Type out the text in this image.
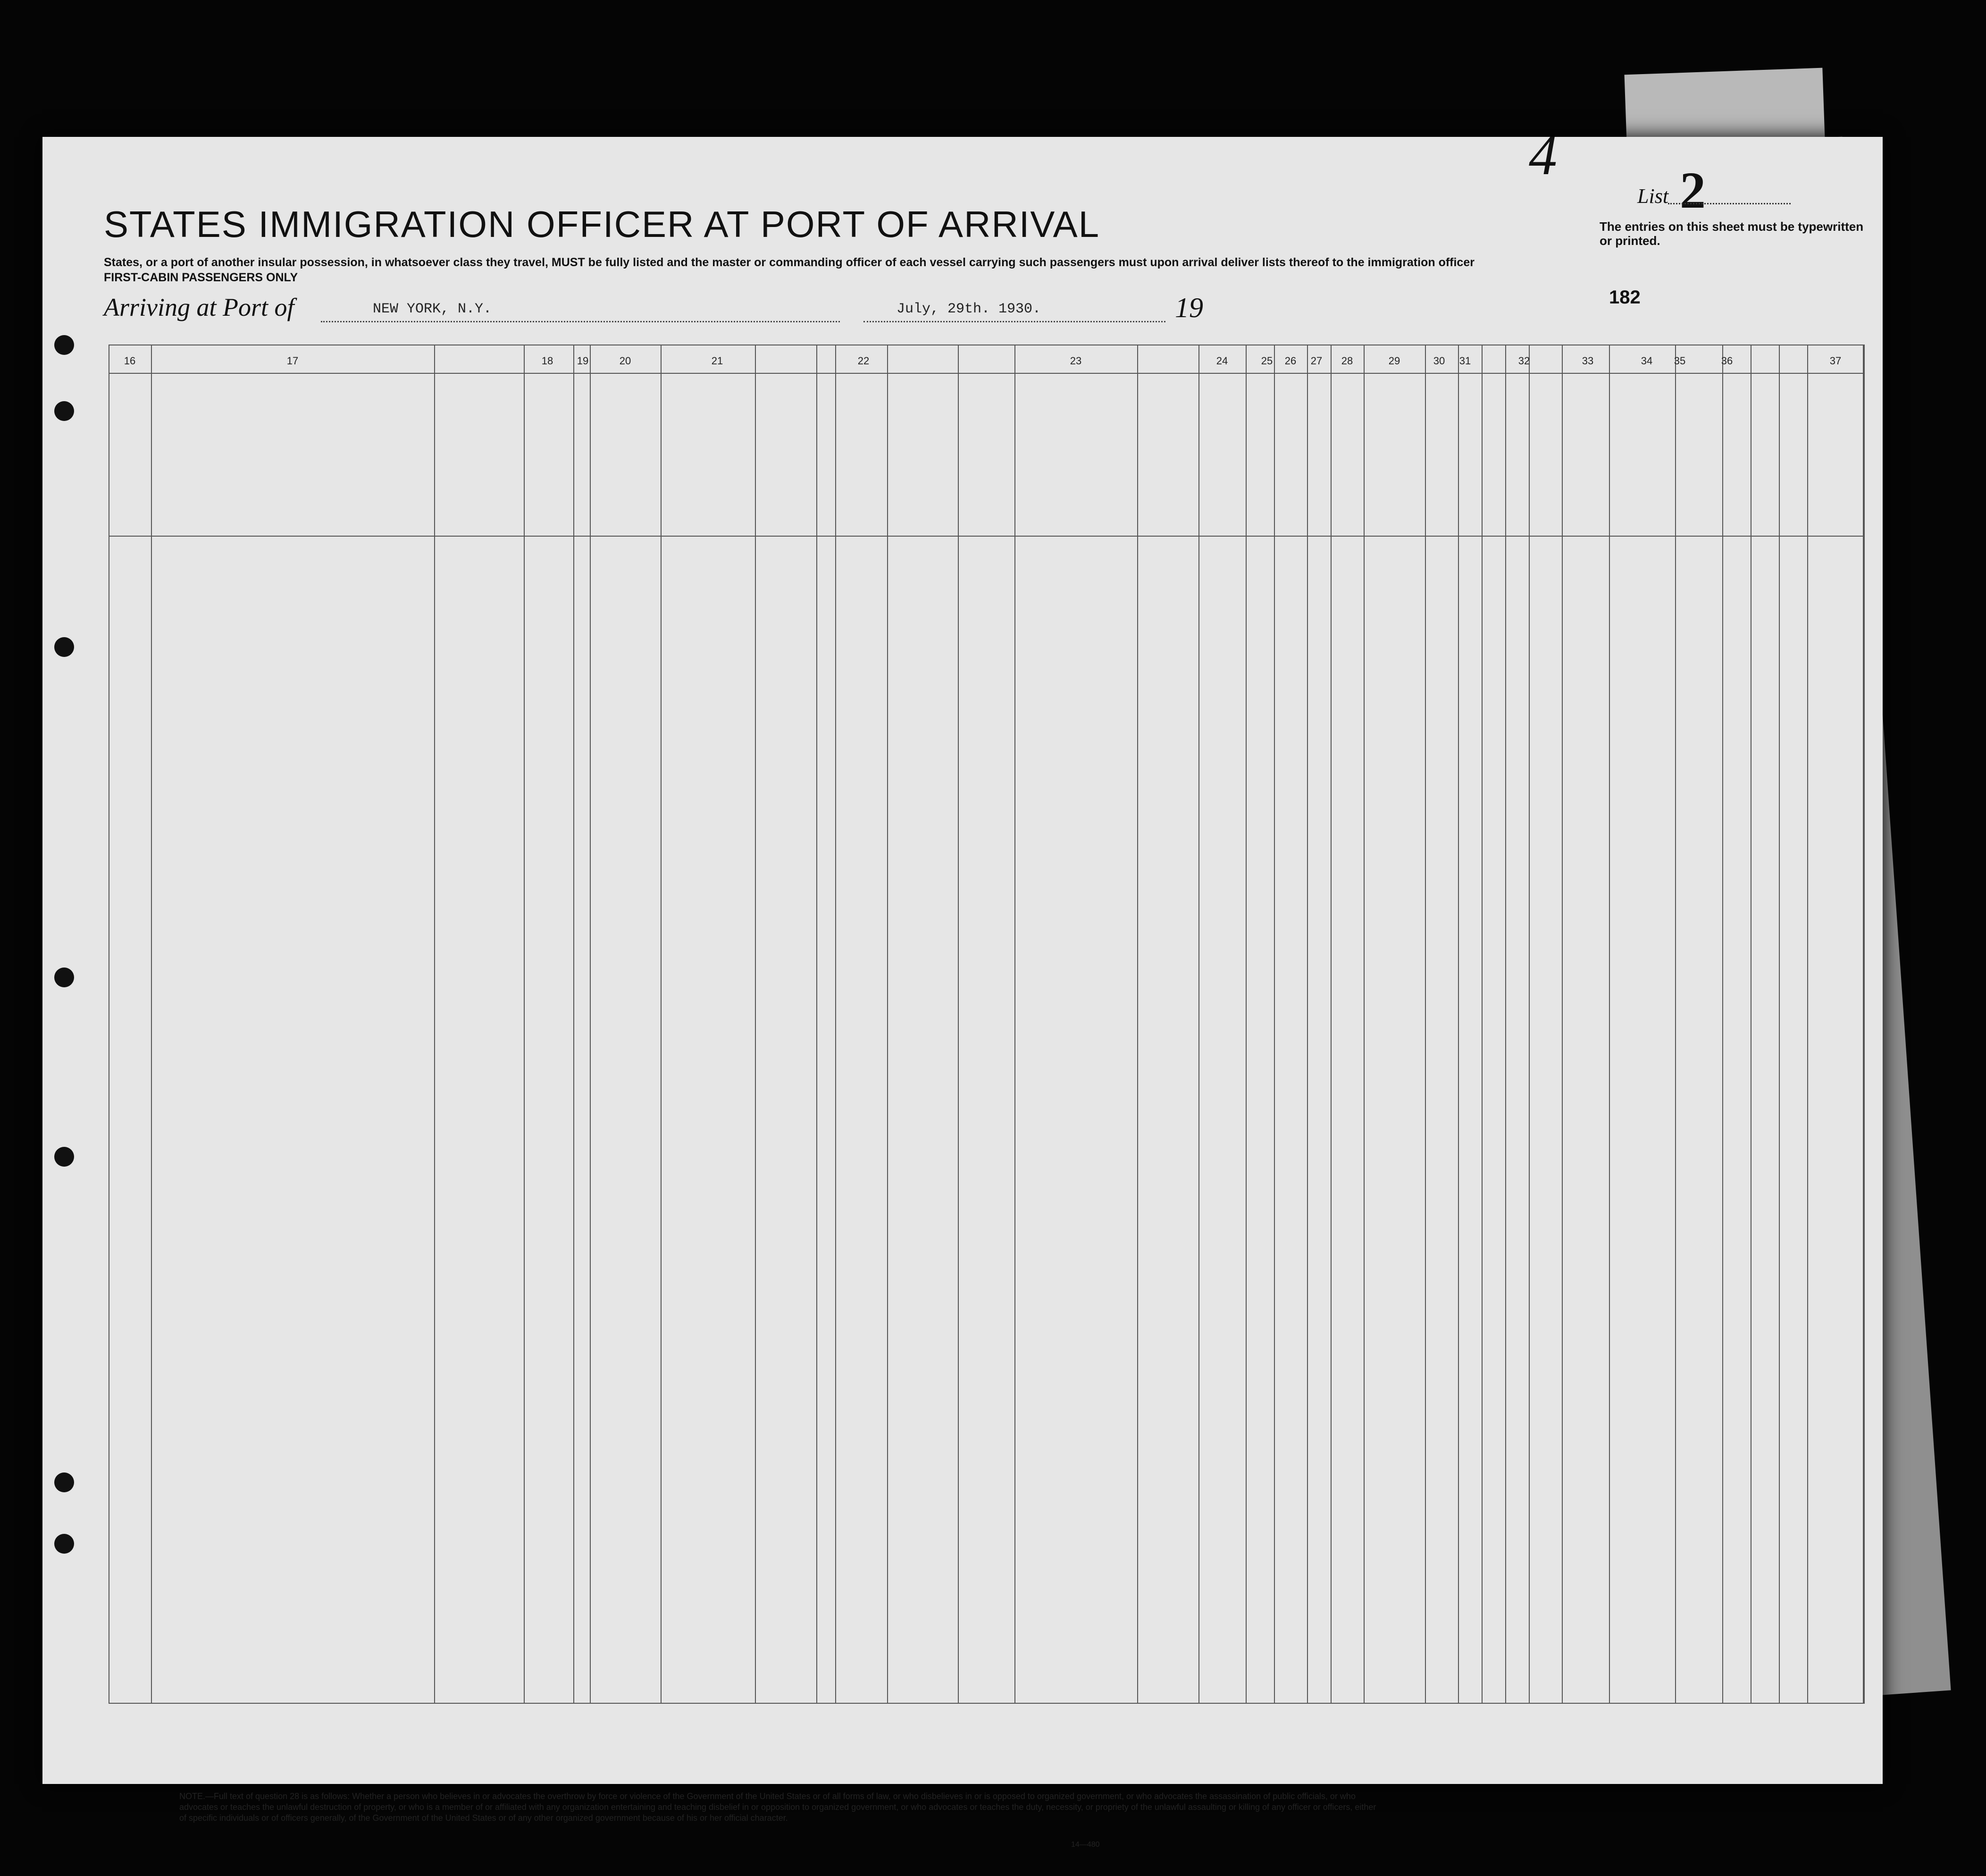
4
List 2
The entries on this sheet must be typewritten or printed.
STATES IMMIGRATION OFFICER AT PORT OF ARRIVAL
States, or a port of another insular possession, in whatsoever class they travel, MUST be fully listed and the master or commanding officer of each vessel carrying such passengers must upon arrival deliver lists thereof to the immigration officer
FIRST-CABIN PASSENGERS ONLY
Arriving at Port of	NEW YORK, N.Y.	July, 29th. 1930.	19	182
16	17	18	19	20	21	22	23	24	25	26	27	28	29	30	31	32	33	34	35	36	37
NOTE.—Full text of question 28 is as follows: Whether a person who believes in or advocates the overthrow by force or violence of the Government of the United States or of all forms of law, or who disbelieves in or is opposed to organized government, or who advocates the assassination of public officials, or who advocates or teaches the unlawful destruction of property, or who is a member of or affiliated with any organization entertaining and teaching disbelief in or opposition to organized government, or who advocates or teaches the duty, necessity, or propriety of the unlawful assaulting or killing of any officer or officers, either of specific individuals or of officers generally, of the Government of the United States or of any other organized government because of his or her official character.
14—480
